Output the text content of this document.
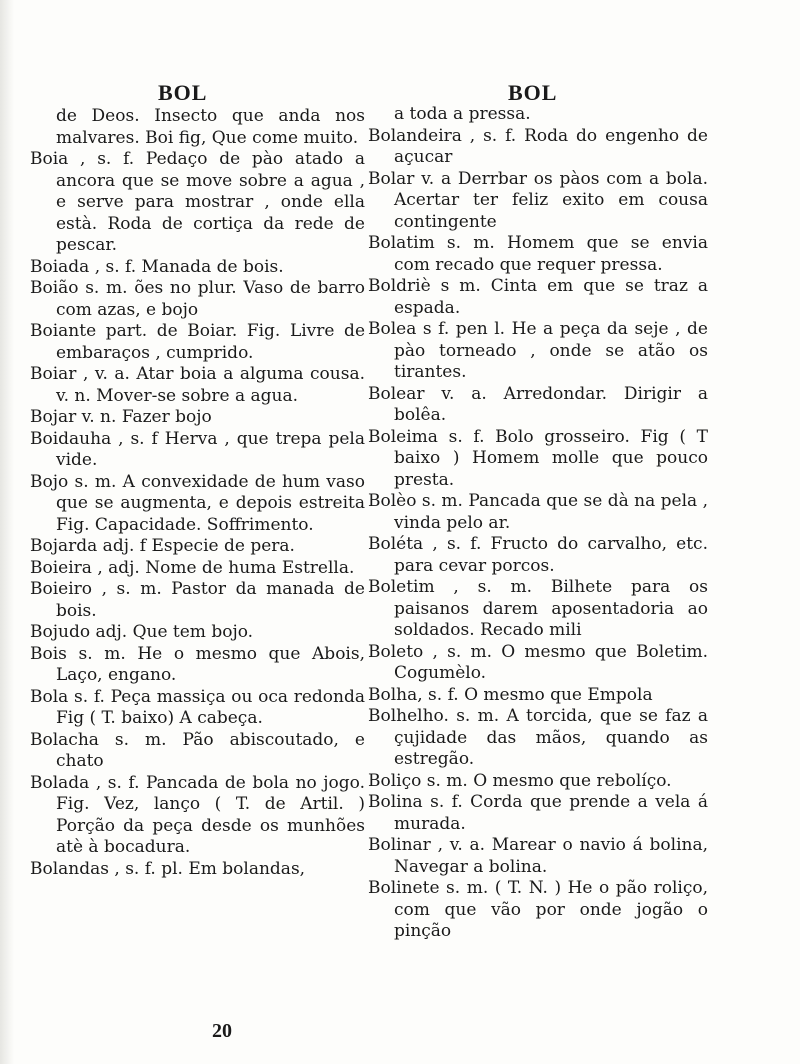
BOL	BOL

de Deos. Insecto que anda nos malvares. Boi fig, Que come muito.

Boia , s. f. Pedaço de pào atado a ancora que se move sobre a agua , e serve para mostrar , onde ella està. Roda de cortiça da rede de pescar.

Boiada , s. f. Manada de bois.

Boião s. m. ões no plur. Vaso de barro com azas, e bojo

Boiante part. de Boiar. Fig. Livre de embaraços , cumprido.

Boiar , v. a. Atar boia a alguma cousa. v. n. Mover-se sobre a agua.

Bojar v. n. Fazer bojo

Boidauha , s. f Herva , que trepa pela vide.

Bojo s. m. A convexidade de hum vaso que se augmenta, e depois estreita Fig. Capacidade. Soffrimento.

Bojarda adj. f Especie de pera.

Boieira , adj. Nome de huma Estrella.

Boieiro , s. m. Pastor da manada de bois.

Bojudo adj. Que tem bojo.

Bois s. m. He o mesmo que Abois, Laço, engano.

Bola s. f. Peça massiça ou oca redonda Fig ( T. baixo) A cabeça.

Bolacha s. m. Pão abiscoutado, e chato

Bolada , s. f. Pancada de bola no jogo. Fig. Vez, lanço ( T. de Artil. ) Porção da peça desde os munhões atè à bocadura.

Bolandas , s. f. pl. Em bolandas,

a toda a pressa.

Bolandeira , s. f. Roda do engenho de açucar

Bolar v. a Derrbar os pàos com a bola. Acertar ter feliz exito em cousa contingente

Bolatim s. m. Homem que se envia com recado que requer pressa.

Boldriè s m. Cinta em que se traz a espada.

Bolea s f. pen l. He a peça da seje , de pào torneado , onde se atão os tirantes.

Bolear v. a. Arredondar. Dirigir a bolêa.

Boleima s. f. Bolo grosseiro. Fig ( T baixo ) Homem molle que pouco presta.

Bolèo s. m. Pancada que se dà na pela , vinda pelo ar.

Boléta , s. f. Fructo do carvalho, etc. para cevar porcos.

Boletim , s. m. Bilhete para os paisanos darem aposentadoria ao soldados. Recado mili

Boleto , s. m. O mesmo que Boletim. Cogumèlo.

Bolha, s. f. O mesmo que Empola

Bolhelho. s. m. A torcida, que se faz a çujidade das mãos, quando as estregão.

Boliço s. m. O mesmo que rebolíço.

Bolina s. f. Corda que prende a vela á murada.

Bolinar , v. a. Marear o navio á bolina, Navegar a bolina.

Bolinete s. m. ( T. N. ) He o pão roliço, com que vão por onde jogão o pinção

20
